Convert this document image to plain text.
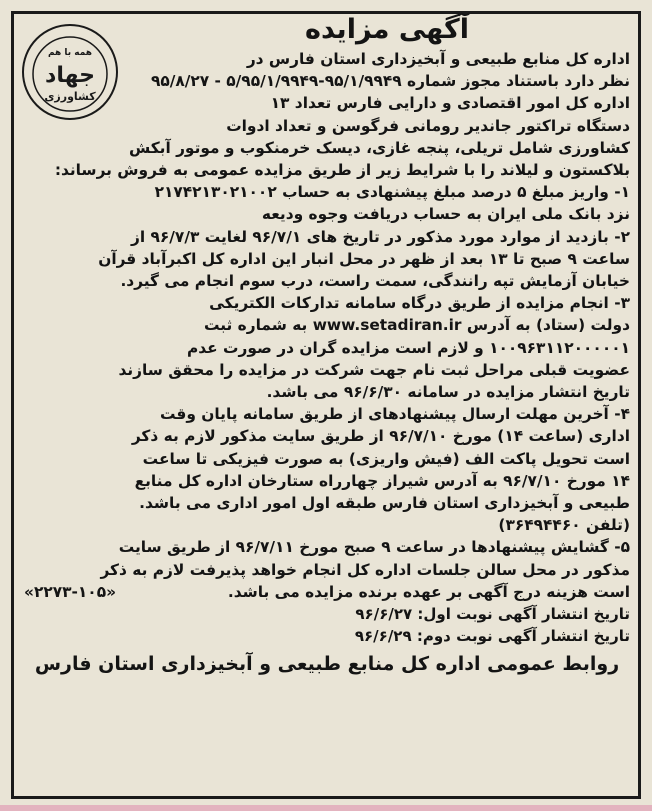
همه با هم
جهاد
کشاورزی
آگهی مزایده
اداره کل منابع طبیعی و آبخیزداری استان فارس در
نظر دارد باستناد مجوز شماره ۹۵/۱/۹۹۴۹-۵/۹۵/۱/۹۹۴۹ - ۹۵/۸/۲۷
اداره کل امور اقتصادی و دارایی فارس تعداد ۱۳
دستگاه تراکتور جاندیر رومانی فرگوسن و تعداد ادوات
کشاورزی شامل تریلی، پنجه غازی، دیسک خرمنکوب و موتور آبکش
بلاکستون و لیلاند را با شرایط زیر از طریق مزایده عمومی به فروش برساند:
۱- واریز مبلغ ۵ درصد مبلغ پیشنهادی به حساب ۲۱۷۴۲۱۳۰۲۱۰۰۲
نزد بانک ملی ایران به حساب دریافت وجوه ودیعه
۲- بازدید از موارد مورد مذکور در تاریخ های ۹۶/۷/۱ لغایت ۹۶/۷/۳ از
ساعت ۹ صبح تا ۱۳ بعد از ظهر در محل انبار این اداره کل اکبرآباد قرآن
خیابان آزمایش تپه رانندگی، سمت راست، درب سوم انجام می گیرد.
۳- انجام مزایده از طریق درگاه سامانه تدارکات الکتریکی
دولت (ستاد) به آدرس www.setadiran.ir به شماره ثبت
۱۰۰۹۶۳۱۱۲۰۰۰۰۰۱ و لازم است مزایده گران در صورت عدم
عضویت قبلی مراحل ثبت نام جهت شرکت در مزایده را محقق سازند
تاریخ انتشار مزایده در سامانه ۹۶/۶/۳۰ می باشد.
۴- آخرین مهلت ارسال پیشنهادهای از طریق سامانه پایان وقت
اداری (ساعت ۱۴) مورخ ۹۶/۷/۱۰ از طریق سایت مذکور لازم به ذکر
است تحویل پاکت الف (فیش واریزی) به صورت فیزیکی تا ساعت
۱۴ مورخ ۹۶/۷/۱۰ به آدرس شیراز چهارراه ستارخان اداره کل منابع
طبیعی و آبخیزداری استان فارس طبقه اول امور اداری می باشد.
(تلفن ۳۶۴۹۴۴۶۰)
۵- گشایش پیشنهادها در ساعت ۹ صبح مورخ ۹۶/۷/۱۱ از طریق سایت
مذکور در محل سالن جلسات اداره کل انجام خواهد پذیرفت لازم به ذکر
است هزینه درج آگهی بر عهده برنده مزایده می باشد.
«۲۲۷۳-۱۰۵»
تاریخ انتشار آگهی نوبت اول: ۹۶/۶/۲۷
تاریخ انتشار آگهی نوبت دوم: ۹۶/۶/۲۹
روابط عمومی اداره کل منابع طبیعی و آبخیزداری استان فارس
